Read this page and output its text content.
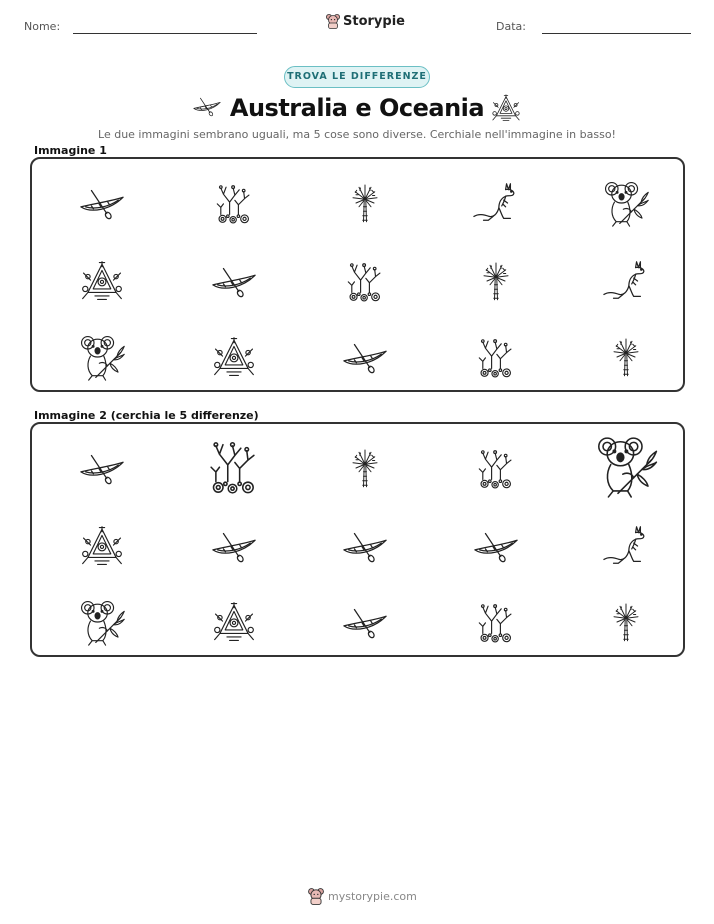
Nome:	Storypie	Data:
TROVA LE DIFFERENZE
Australia e Oceania
Le due immagini sembrano uguali, ma 5 cose sono diverse. Cerchiale nell'immagine in basso!
Immagine 1
Immagine 2 (cerchia le 5 differenze)
mystorypie.com
